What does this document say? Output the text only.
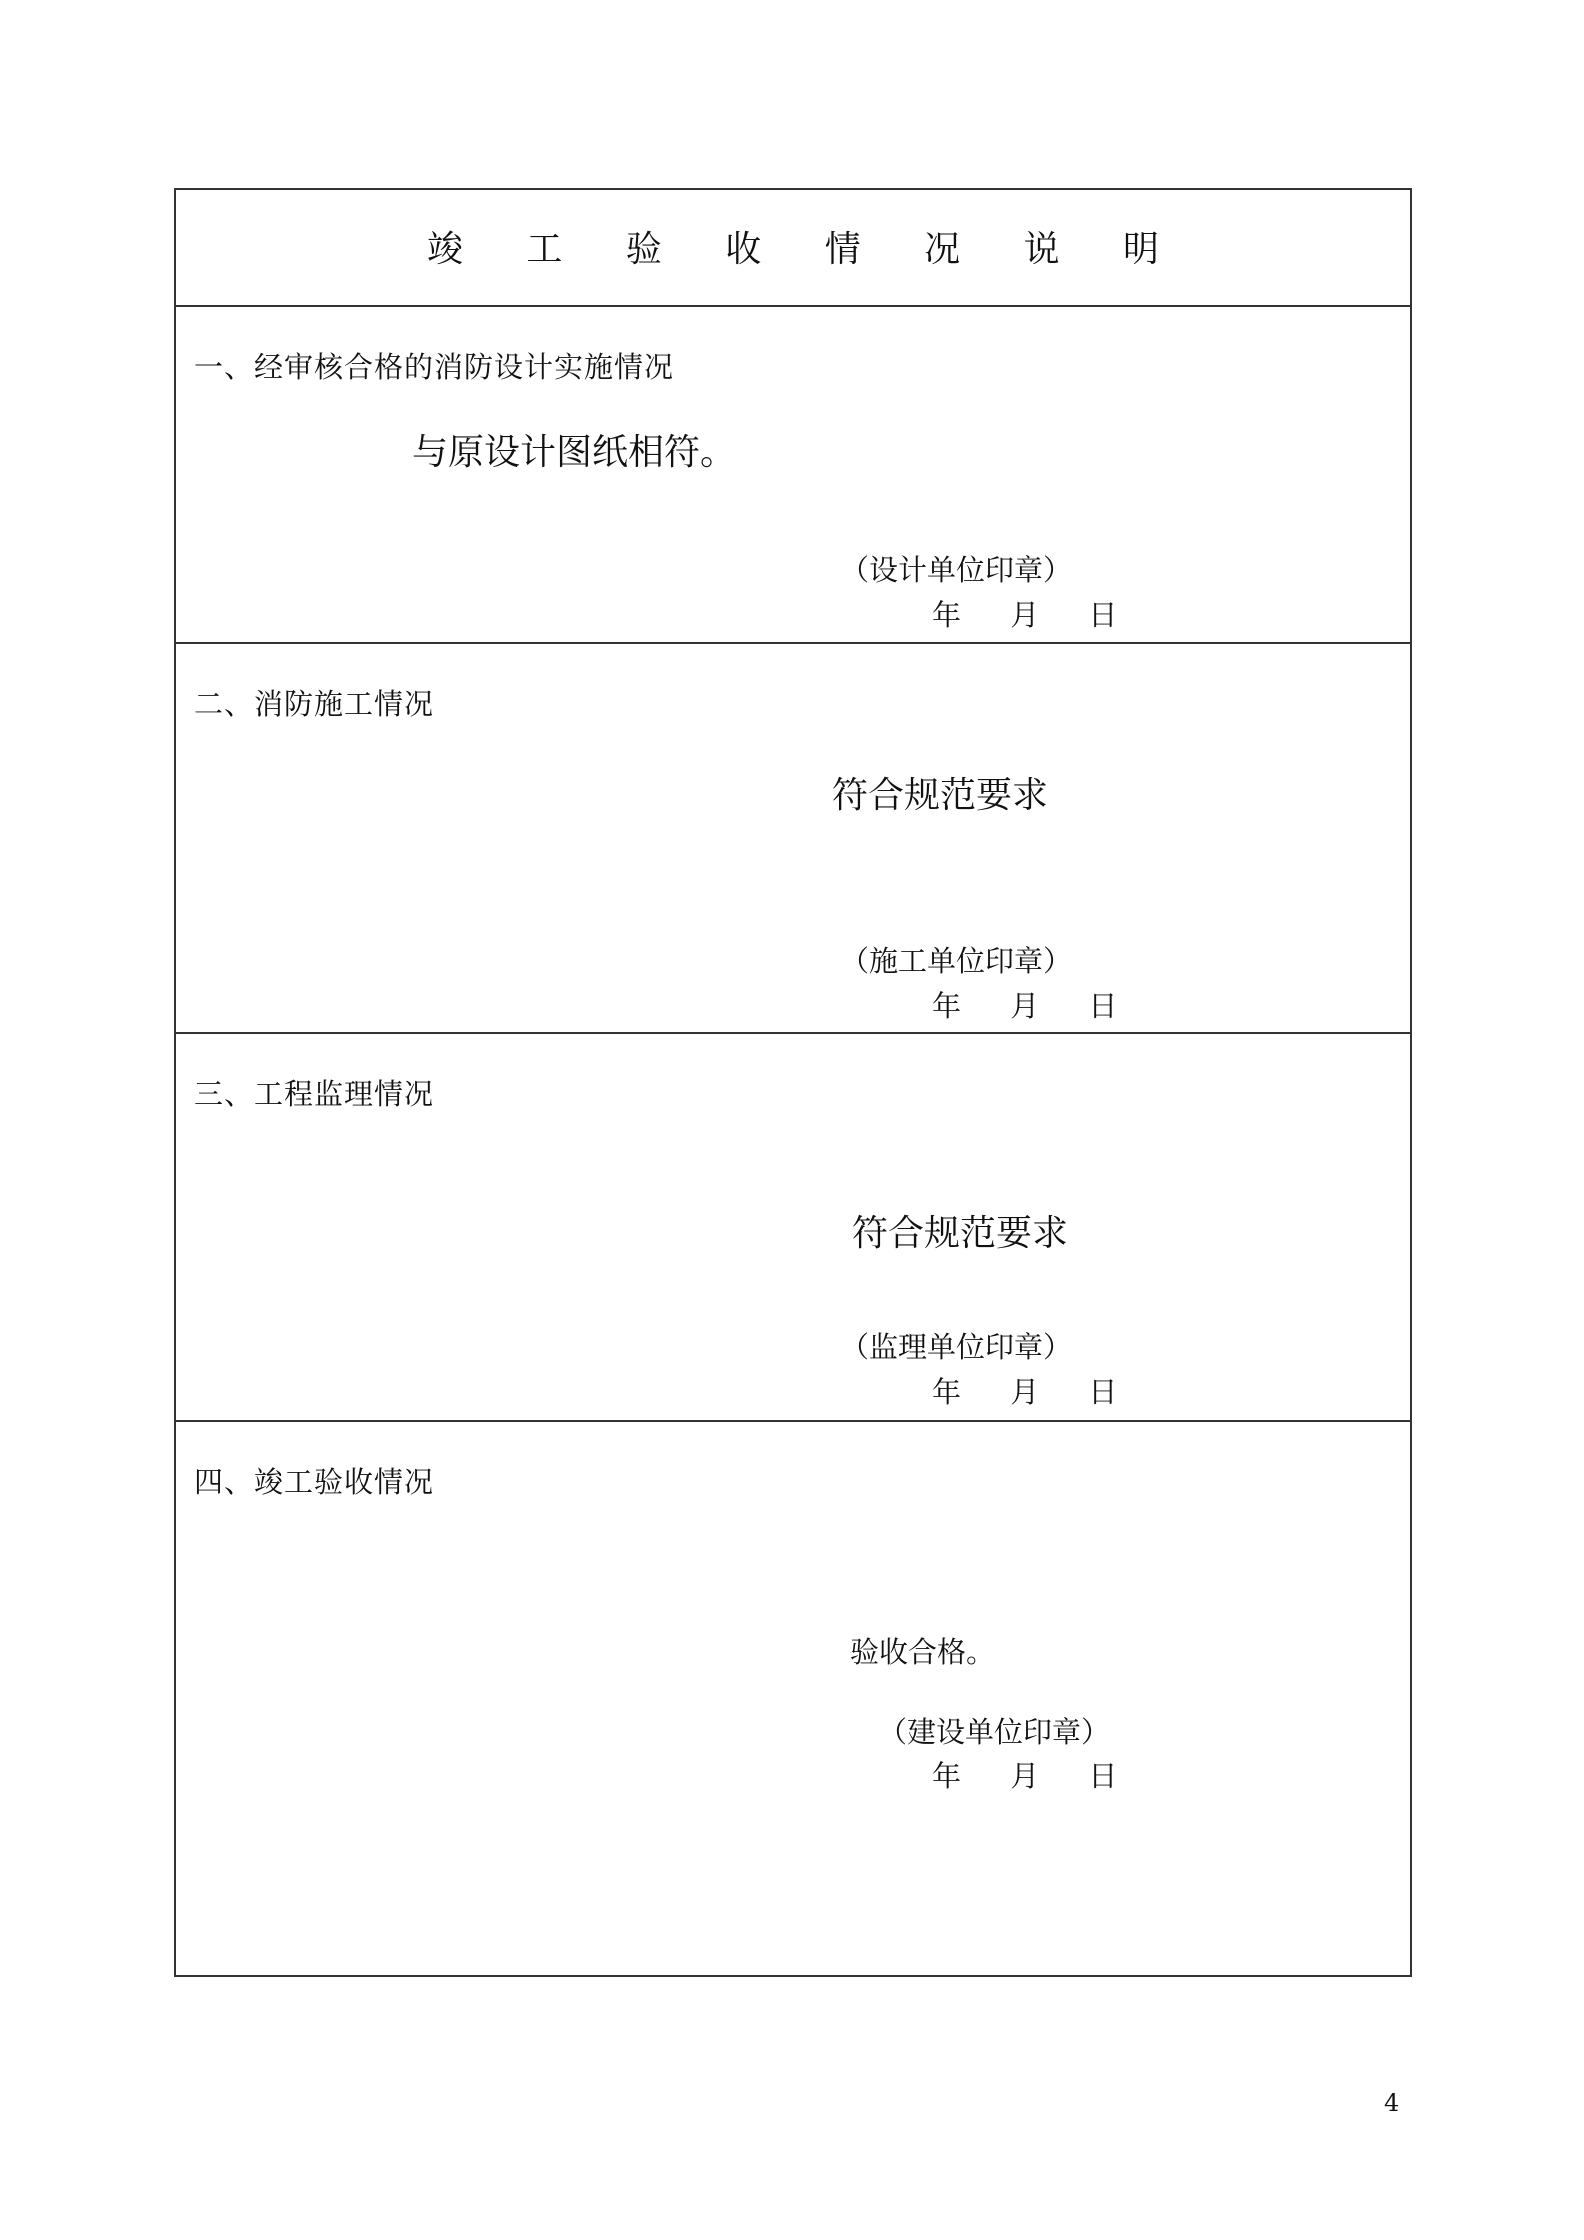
竣 工 验 收 情 况 说 明
一、经审核合格的消防设计实施情况
与原设计图纸相符。
（设计单位印章）
年 月 日
二、消防施工情况
符合规范要求
（施工单位印章）
年 月 日
三、工程监理情况
符合规范要求
（监理单位印章）
年 月 日
四、竣工验收情况
验收合格。
（建设单位印章）
年 月 日
4
